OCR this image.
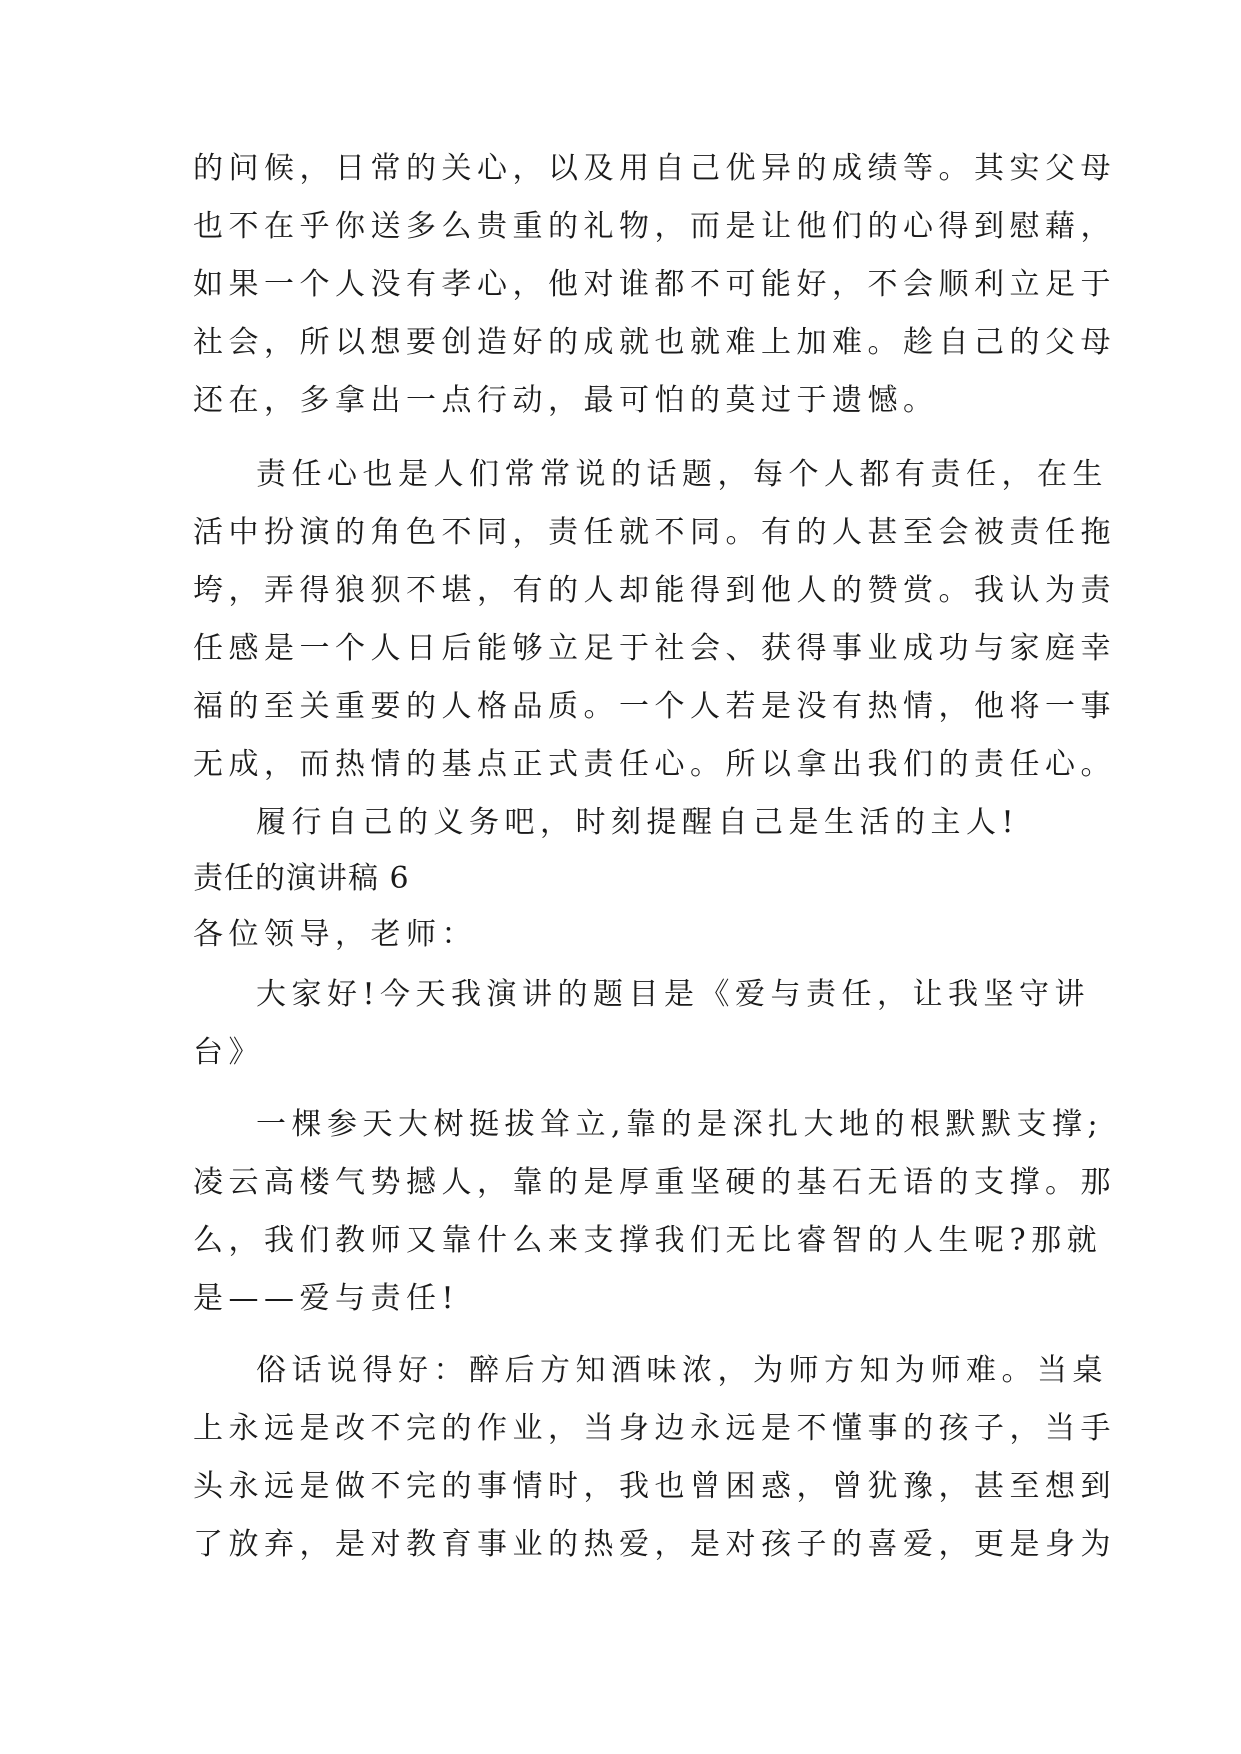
的问候，日常的关心，以及用自己优异的成绩等。其实父母
也不在乎你送多么贵重的礼物，而是让他们的心得到慰藉，
如果一个人没有孝心，他对谁都不可能好，不会顺利立足于
社会，所以想要创造好的成就也就难上加难。趁自己的父母
还在，多拿出一点行动，最可怕的莫过于遗憾。
责任心也是人们常常说的话题，每个人都有责任，在生
活中扮演的角色不同，责任就不同。有的人甚至会被责任拖
垮，弄得狼狈不堪，有的人却能得到他人的赞赏。我认为责
任感是一个人日后能够立足于社会、获得事业成功与家庭幸
福的至关重要的人格品质。一个人若是没有热情，他将一事
无成，而热情的基点正式责任心。所以拿出我们的责任心。
履行自己的义务吧，时刻提醒自己是生活的主人!
责任的演讲稿 6
各位领导，老师：
大家好!今天我演讲的题目是《爱与责任，让我坚守讲
台》
一棵参天大树挺拔耸立,靠的是深扎大地的根默默支撑;
凌云高楼气势撼人，靠的是厚重坚硬的基石无语的支撑。那
么，我们教师又靠什么来支撑我们无比睿智的人生呢?那就
是——爱与责任!
俗话说得好：醉后方知酒味浓，为师方知为师难。当桌
上永远是改不完的作业，当身边永远是不懂事的孩子，当手
头永远是做不完的事情时，我也曾困惑，曾犹豫，甚至想到
了放弃，是对教育事业的热爱，是对孩子的喜爱，更是身为
